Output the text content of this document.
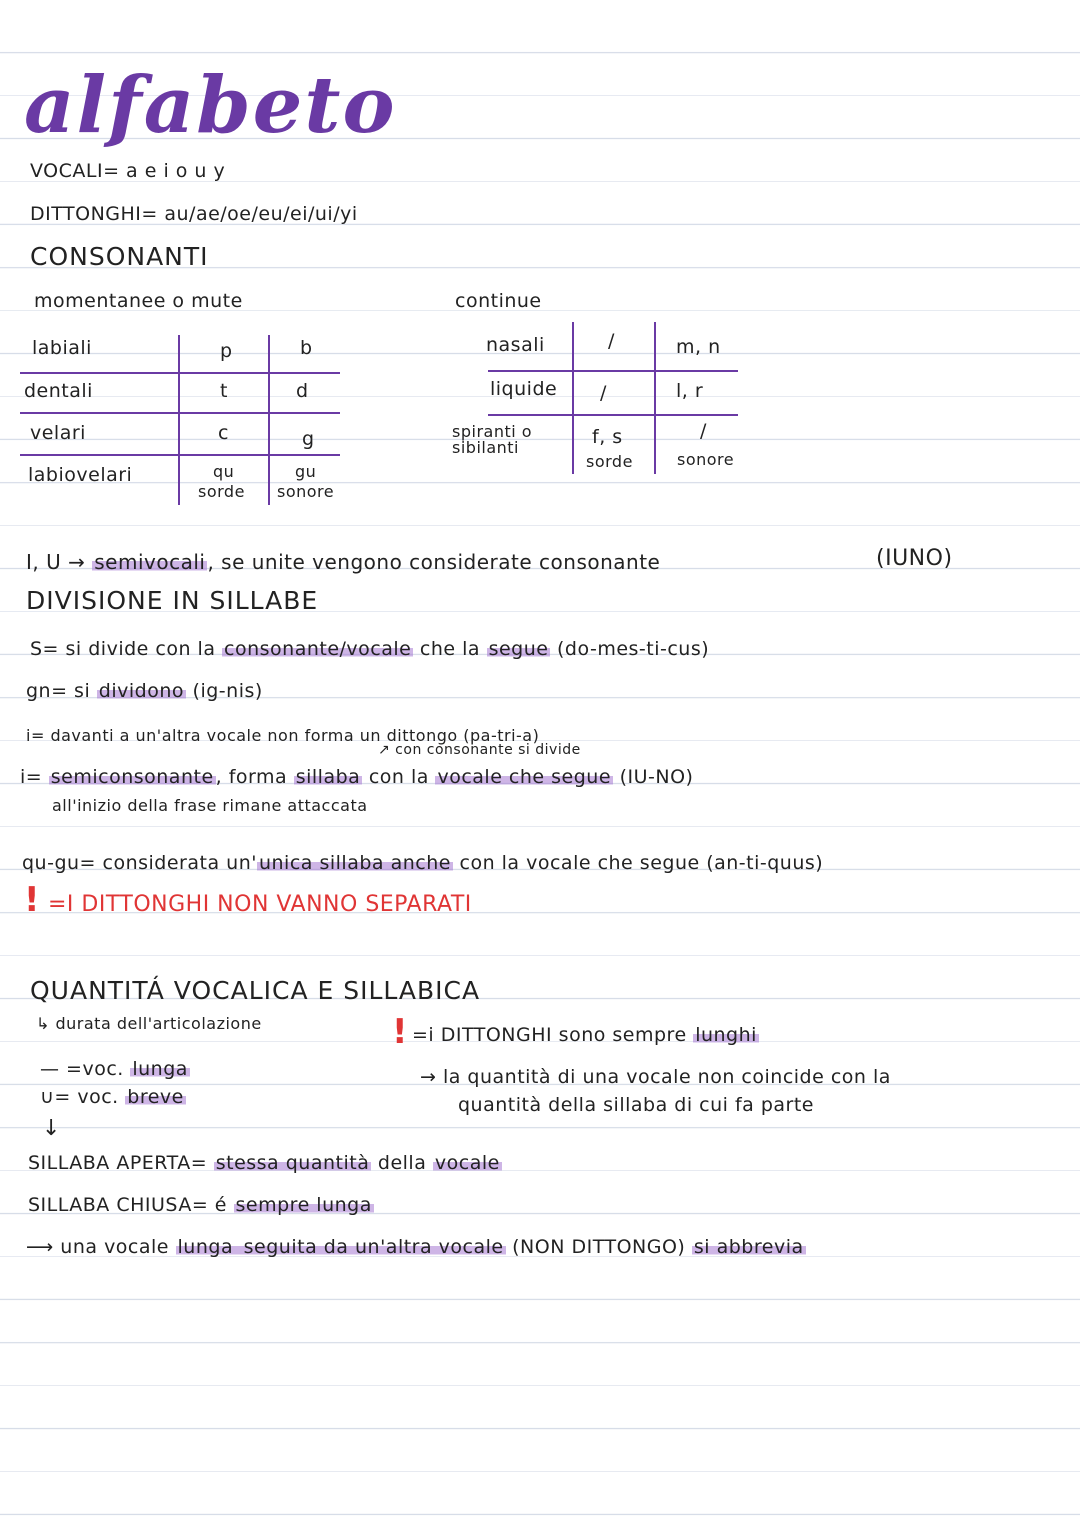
alfabeto
VOCALI= a e i o u y
DITTONGHI= au/ae/oe/eu/ei/ui/yi
CONSONANTI
momentanee o mute
labiali	p	b
dentali	t	d
velari	c	g
labiovelari	qu	gu
sorde sonore
continue
nasali	/	m, n
liquide /	l, r
spiranti o sibilanti	f, s	/
sorde	sonore
I, U → semivocali , se unite vengono considerate consonante	(IUNO)
DIVISIONE IN SILLABE
S= si divide con la consonante/vocale che la segue (do-mes-ti-cus)
gn= si dividono (ig-nis)
i= davanti a un'altra vocale non forma un dittongo (pa-tri-a)
↗ con consonante si divide
i= semiconsonante , forma sillaba con la vocale che segue (IU-NO)
all'inizio della frase rimane attaccata
qu-gu= considerata un' unica sillaba anche con la vocale che segue (an-ti-quus)
! =I DITTONGHI NON VANNO SEPARATI
QUANTITÁ VOCALICA E SILLABICA
↳ durata dell'articolazione	! =i DITTONGHI sono sempre lunghi
— =voc. lunga
∪= voc. breve
→ la quantità di una vocale non coincide con la
quantità della sillaba di cui fa parte
↓
SILLABA APERTA= stessa quantità della vocale
SILLABA CHIUSA= é sempre lunga
⟶ una vocale lunga seguita da un'altra vocale (NON DITTONGO) si abbrevia
